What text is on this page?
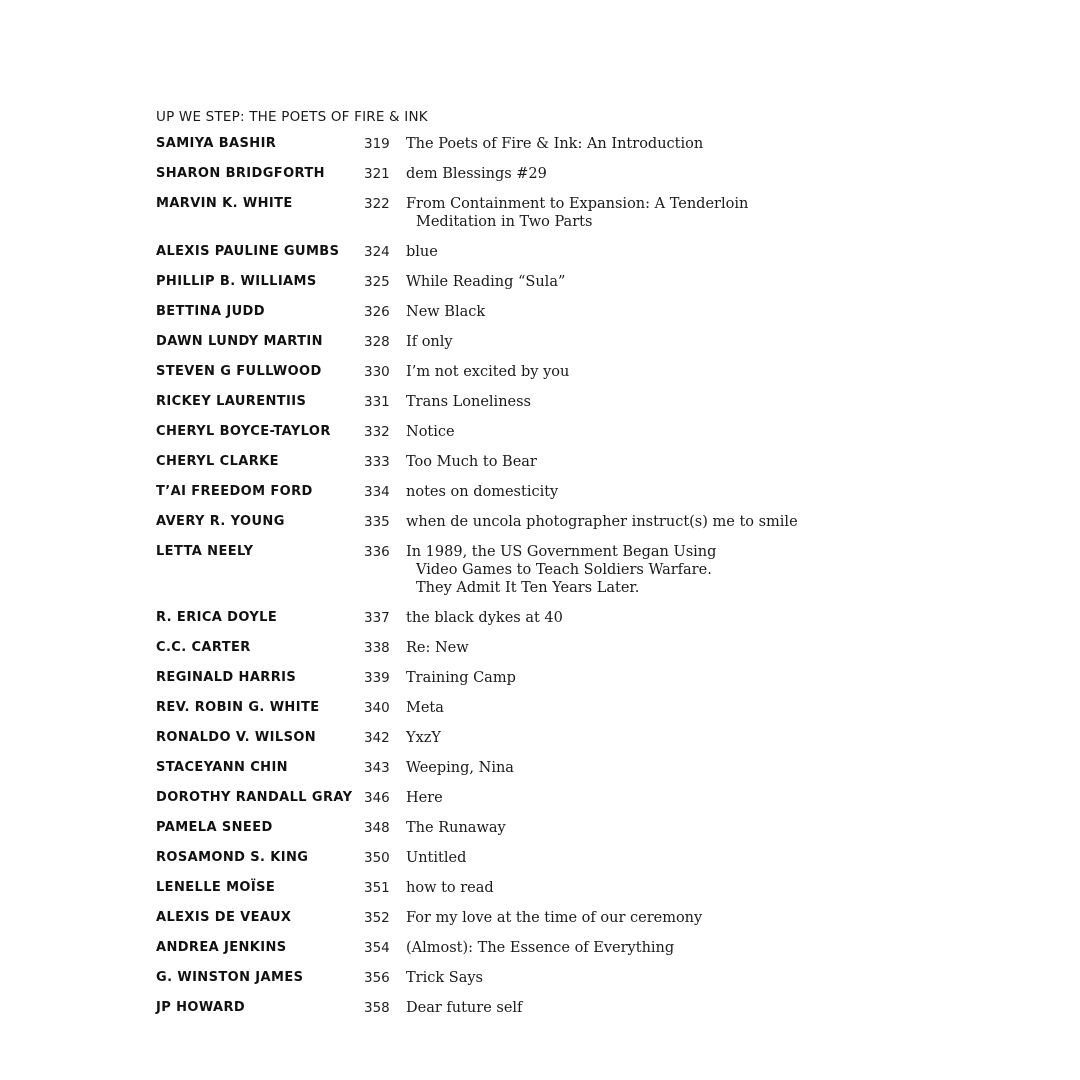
UP WE STEP: THE POETS OF FIRE & INK
SAMIYA BASHIR	319	The Poets of Fire & Ink: An Introduction
SHARON BRIDGFORTH	321	dem Blessings #29
MARVIN K. WHITE	322	From Containment to Expansion: A Tenderloin
Meditation in Two Parts
ALEXIS PAULINE GUMBS	324	blue
PHILLIP B. WILLIAMS	325	While Reading “Sula”
BETTINA JUDD	326	New Black
DAWN LUNDY MARTIN	328	If only
STEVEN G FULLWOOD	330	I’m not excited by you
RICKEY LAURENTIIS	331	Trans Loneliness
CHERYL BOYCE-TAYLOR	332	Notice
CHERYL CLARKE	333	Too Much to Bear
T’AI FREEDOM FORD	334	notes on domesticity
AVERY R. YOUNG	335	when de uncola photographer instruct(s) me to smile
LETTA NEELY	336	In 1989, the US Government Began Using
Video Games to Teach Soldiers Warfare.
They Admit It Ten Years Later.
R. ERICA DOYLE	337	the black dykes at 40
C.C. CARTER	338	Re: New
REGINALD HARRIS	339	Training Camp
REV. ROBIN G. WHITE	340	Meta
RONALDO V. WILSON	342	YxzY
STACEYANN CHIN	343	Weeping, Nina
DOROTHY RANDALL GRAY 346	Here
PAMELA SNEED	348	The Runaway
ROSAMOND S. KING	350	Untitled
LENELLE MOÏSE	351	how to read
ALEXIS DE VEAUX	352	For my love at the time of our ceremony
ANDREA JENKINS	354	(Almost): The Essence of Everything
G. WINSTON JAMES	356	Trick Says
JP HOWARD	358	Dear future self
